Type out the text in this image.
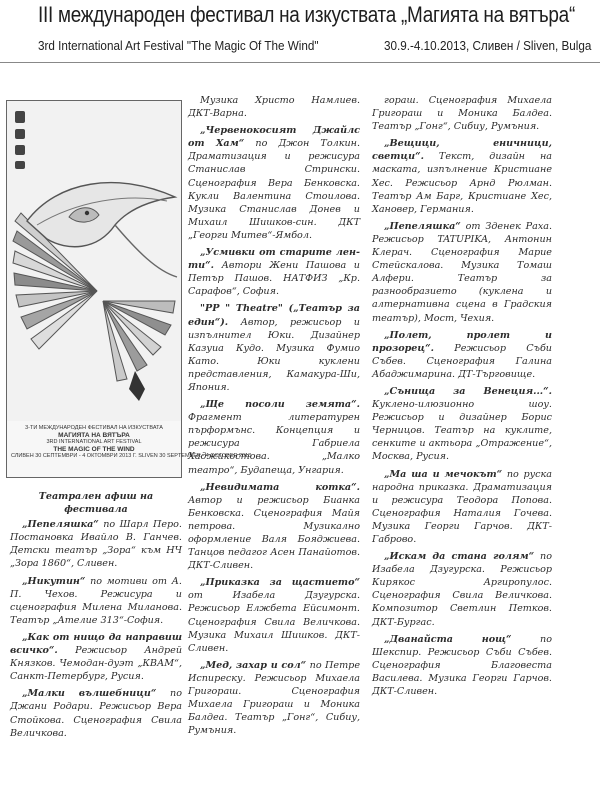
III международен фестивал на изкуствата „Магията на вятъра“
3rd International Art Festival "The Magic Of The Wind"	30.9.-4.10.2013, Сливен / Sliven, Bulga
3-ТИ МЕЖДУНАРОДЕН ФЕСТИВАЛ НА ИЗКУСТВАТА
МАГИЯТА НА ВЯТЪРА
3RD INTERNATIONAL ART FESTIVAL
THE MAGIC OF THE WIND
СЛИВЕН 30 СЕПТЕМВРИ - 4 ОКТОМВРИ 2013 Г. SLIVEN 30 SEPTEMBER - 4 OCTOBER 2013

Театрален афиш на фестивала

„Пепеляшка“ по Шарл Перо. Постановка Ивайло В. Ганчев. Детски театър „Зора“ към НЧ „Зора 1860“, Сливен.

„Никутин“ по мотиви от А. П. Чехов. Режисура и сценография Милена Миланова. Театър „Ателие 313“-София.

„Как от нищо да направиш всичко“. Режисьор Андрей Князков. Чемодан-дуэт „КВАМ“, Санкт-Петербург, Русия.

„Малки вълшебници“ по Джани Родари. Режисьор Вера Стойкова. Сценография Свила Величкова.

Музика Христо Намлиев. ДКТ-Варна.

„Червенокосият Джайлс от Хам“ по Джон Толкин. Драматизация и режисура Станислав Стрински. Сценография Вера Бенковска. Кукли Валентина Стоилова. Музика Станислав Донев и Михаил Шишков-син. ДКТ „Георги Митев“-Ямбол.

„Усмивки от старите лен-ти“. Автори Жени Пашова и Петър Пашов. НАТФИЗ „Кр. Сарафов“, София.

"PP " Theatre" („Театър за един“). Автор, режисьор и изпълнител Юки. Дизайнер Казуиа Кудо. Музика Фумио Като. Юки куклени представления, Камакура-Ши, Япония.

„Ще посоли земята“. Фрагмент литературен пърформънс. Концепция и режисура Габриела Хаджикостова. „Малко театро“, Будапеща, Унгария.

„Невидимата котка“. Автор и режисьор Бианка Бенковска. Сценография Майя петрова. Музикално оформление Валя Бояджиева. Танцов педагог Асен Панайотов. ДКТ-Сливен.

„Приказка за щастието“ от Изабела Дзугурска. Режисьор Елжбета Ейсимонт. Сценография Свила Величкова. Музика Михаил Шишков. ДКТ-Сливен.

„Мед, захар и сол“ по Петре Испиреску. Режисьор Михаела Григораш. Сценография Михаела Григораш и Моника Балдеа. Театър „Гонг“, Сибиу, Румъния.

гораш. Сценография Михаела Григораш и Моника Балдеа. Театър „Гонг“, Сибиу, Румъния.

„Вещици, еничници, светци“. Текст, дизайн на маската, изпълнение Кристиане Хес. Режисьор Арнд Рюлман. Театър Ам Барг, Кристиане Хес, Хановер, Германия.

„Пепеляшка“ от Зденек Раха. Режисьор TATUPIKA, Антонин Клерач. Сценография Марие Стейскалова. Музика Томаш Алфери. Театър за разнообразието (куклена и алтернативна сцена в Градския театър), Мост, Чехия.

„Полет, пролет и прозорец“. Режисьор Съби Събев. Сценография Галина Абаджимарина. ДТ-Търговище.

„Сънища за Венеция...“. Кукленo-илюзионно шоу. Режисьор и дизайнер Борис Черницов. Театър на куклите, сенките и актьора „Отражение“, Москва, Русия.

„Ма ша и мечокът“ по руска народна приказка. Драматизация и режисура Теодора Попова. Сценография Наталия Гочева. Музика Георги Гарчов. ДКТ-Габрово.

„Искам да стана голям“ по Изабела Дзугурска. Режисьор Кирякос Аргиропулос. Сценография Свила Величкова. Композитор Светлин Петков. ДКТ-Бургас.

„Дванайста нощ“ по Шекспир. Режисьор Съби Събев. Сценография Благовеста Василева. Музика Георги Гарчов. ДКТ-Сливен.
